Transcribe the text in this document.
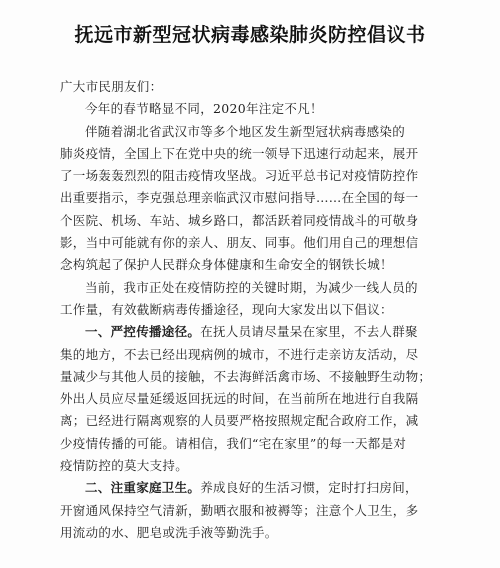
抚远市新型冠状病毒感染肺炎防控倡议书

广大市民朋友们：

今年的春节略显不同，2020年注定不凡！

伴随着湖北省武汉市等多个地区发生新型冠状病毒感染的
肺炎疫情，全国上下在党中央的统一领导下迅速行动起来，展开
了一场轰轰烈烈的阻击疫情攻坚战。习近平总书记对疫情防控作
出重要指示，李克强总理亲临武汉市慰问指导……在全国的每一
个医院、机场、车站、城乡路口，都活跃着同疫情战斗的可敬身
影，当中可能就有你的亲人、朋友、同事。他们用自己的理想信
念构筑起了保护人民群众身体健康和生命安全的钢铁长城！

当前，我市正处在疫情防控的关键时期，为减少一线人员的
工作量，有效截断病毒传播途径，现向大家发出以下倡议：

一、严控传播途径。在抚人员请尽量呆在家里，不去人群聚
集的地方，不去已经出现病例的城市，不进行走亲访友活动，尽
量减少与其他人员的接触，不去海鲜活禽市场、不接触野生动物；
外出人员应尽量延缓返回抚远的时间，在当前所在地进行自我隔
离；已经进行隔离观察的人员要严格按照规定配合政府工作，减
少疫情传播的可能。请相信，我们“宅在家里”的每一天都是对
疫情防控的莫大支持。

二、注重家庭卫生。养成良好的生活习惯，定时打扫房间，
开窗通风保持空气清新，勤晒衣服和被褥等；注意个人卫生，多
用流动的水、肥皂或洗手液等勤洗手。
